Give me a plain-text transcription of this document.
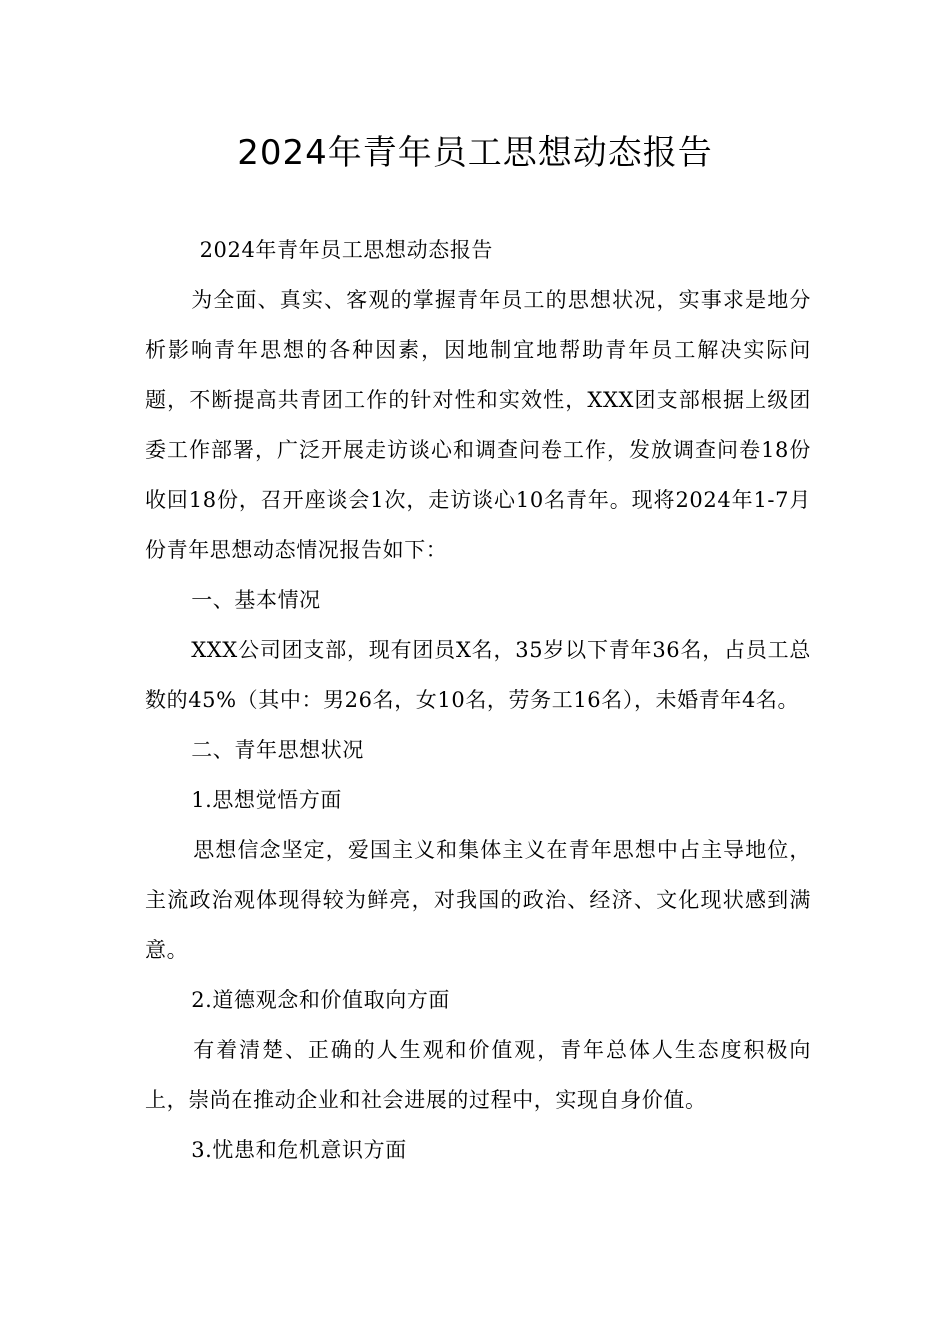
2024年青年员工思想动态报告

2024年青年员工思想动态报告

为全面、真实、客观的掌握青年员工的思想状况，实事求是地分析影响青年思想的各种因素，因地制宜地帮助青年员工解决实际问题，不断提高共青团工作的针对性和实效性，XXX团支部根据上级团委工作部署，广泛开展走访谈心和调查问卷工作，发放调查问卷18份收回18份，召开座谈会1次，走访谈心10名青年。现将2024年1-7月份青年思想动态情况报告如下：

一、基本情况

XXX公司团支部，现有团员X名，35岁以下青年36名，占员工总数的45%（其中：男26名，女10名，劳务工16名），未婚青年4名。

二、青年思想状况

1.思想觉悟方面

思想信念坚定，爱国主义和集体主义在青年思想中占主导地位，主流政治观体现得较为鲜亮，对我国的政治、经济、文化现状感到满意。

2.道德观念和价值取向方面

有着清楚、正确的人生观和价值观，青年总体人生态度积极向上，崇尚在推动企业和社会进展的过程中，实现自身价值。

3.忧患和危机意识方面
